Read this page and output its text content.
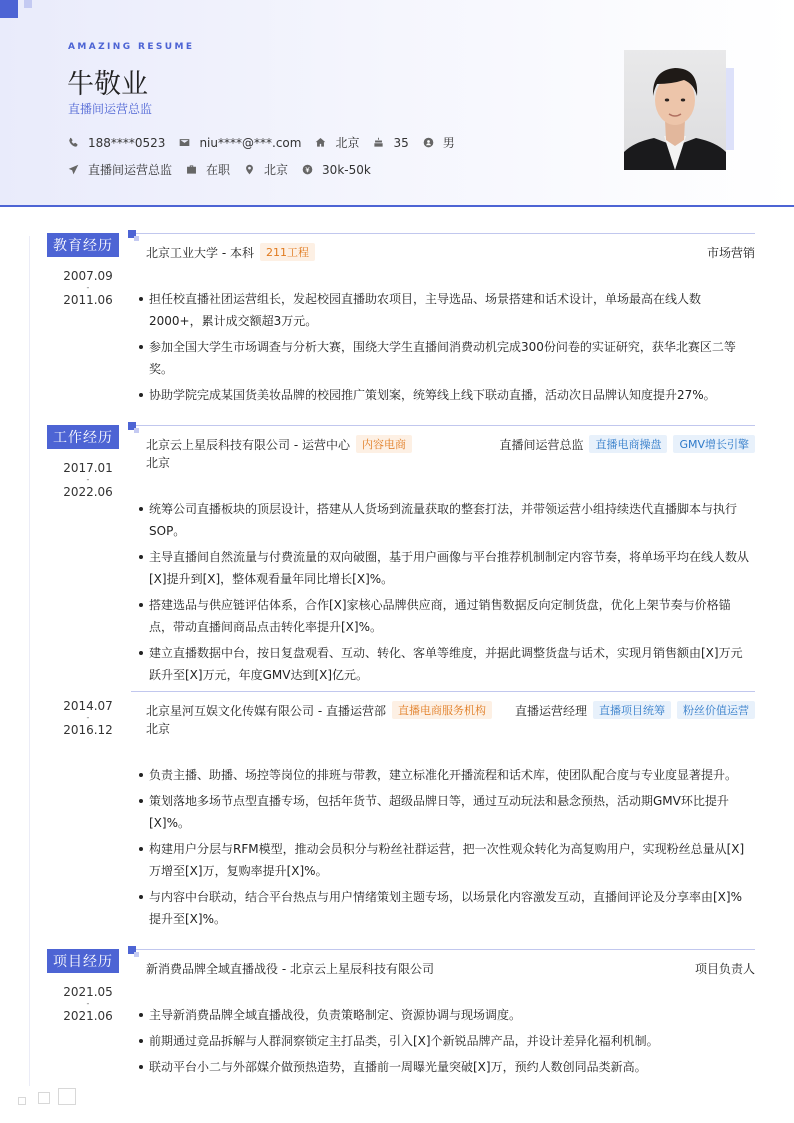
AMAZING RESUME
牛敬业
直播间运营总监
188****0523	niu****@***.com	北京	35	男
直播间运营总监	在职	北京	30k-50k
教育经历
2007.09
-
2011.06
北京工业大学 - 本科	211工程	市场营销
担任校直播社团运营组长，发起校园直播助农项目，主导选品、场景搭建和话术设计，单场最高在线人数2000+，累计成交额超3万元。
参加全国大学生市场调查与分析大赛，围绕大学生直播间消费动机完成300份问卷的实证研究，获华北赛区二等奖。
协助学院完成某国货美妆品牌的校园推广策划案，统筹线上线下联动直播，活动次日品牌认知度提升27%。
工作经历
2017.01
-
2022.06
北京云上星辰科技有限公司 - 运营中心	内容电商	直播间运营总监	直播电商操盘	GMV增长引擎
北京
统筹公司直播板块的顶层设计，搭建从人货场到流量获取的整套打法，并带领运营小组持续迭代直播脚本与执行SOP。
主导直播间自然流量与付费流量的双向破圈，基于用户画像与平台推荐机制制定内容节奏，将单场平均在线人数从[X]提升到[X]，整体观看量年同比增长[X]%。
搭建选品与供应链评估体系，合作[X]家核心品牌供应商，通过销售数据反向定制货盘，优化上架节奏与价格锚点，带动直播间商品点击转化率提升[X]%。
建立直播数据中台，按日复盘观看、互动、转化、客单等维度，并据此调整货盘与话术，实现月销售额由[X]万元跃升至[X]万元，年度GMV达到[X]亿元。
2014.07
-
2016.12
北京星河互娱文化传媒有限公司 - 直播运营部	直播电商服务机构	直播运营经理	直播项目统筹	粉丝价值运营
北京
负责主播、助播、场控等岗位的排班与带教，建立标准化开播流程和话术库，使团队配合度与专业度显著提升。
策划落地多场节点型直播专场，包括年货节、超级品牌日等，通过互动玩法和悬念预热，活动期GMV环比提升[X]%。
构建用户分层与RFM模型，推动会员积分与粉丝社群运营，把一次性观众转化为高复购用户，实现粉丝总量从[X]万增至[X]万，复购率提升[X]%。
与内容中台联动，结合平台热点与用户情绪策划主题专场，以场景化内容激发互动，直播间评论及分享率由[X]%提升至[X]%。
项目经历
2021.05
-
2021.06
新消费品牌全域直播战役 - 北京云上星辰科技有限公司	项目负责人
主导新消费品牌全域直播战役，负责策略制定、资源协调与现场调度。
前期通过竞品拆解与人群洞察锁定主打品类，引入[X]个新锐品牌产品，并设计差异化福利机制。
联动平台小二与外部媒介做预热造势，直播前一周曝光量突破[X]万，预约人数创同品类新高。
